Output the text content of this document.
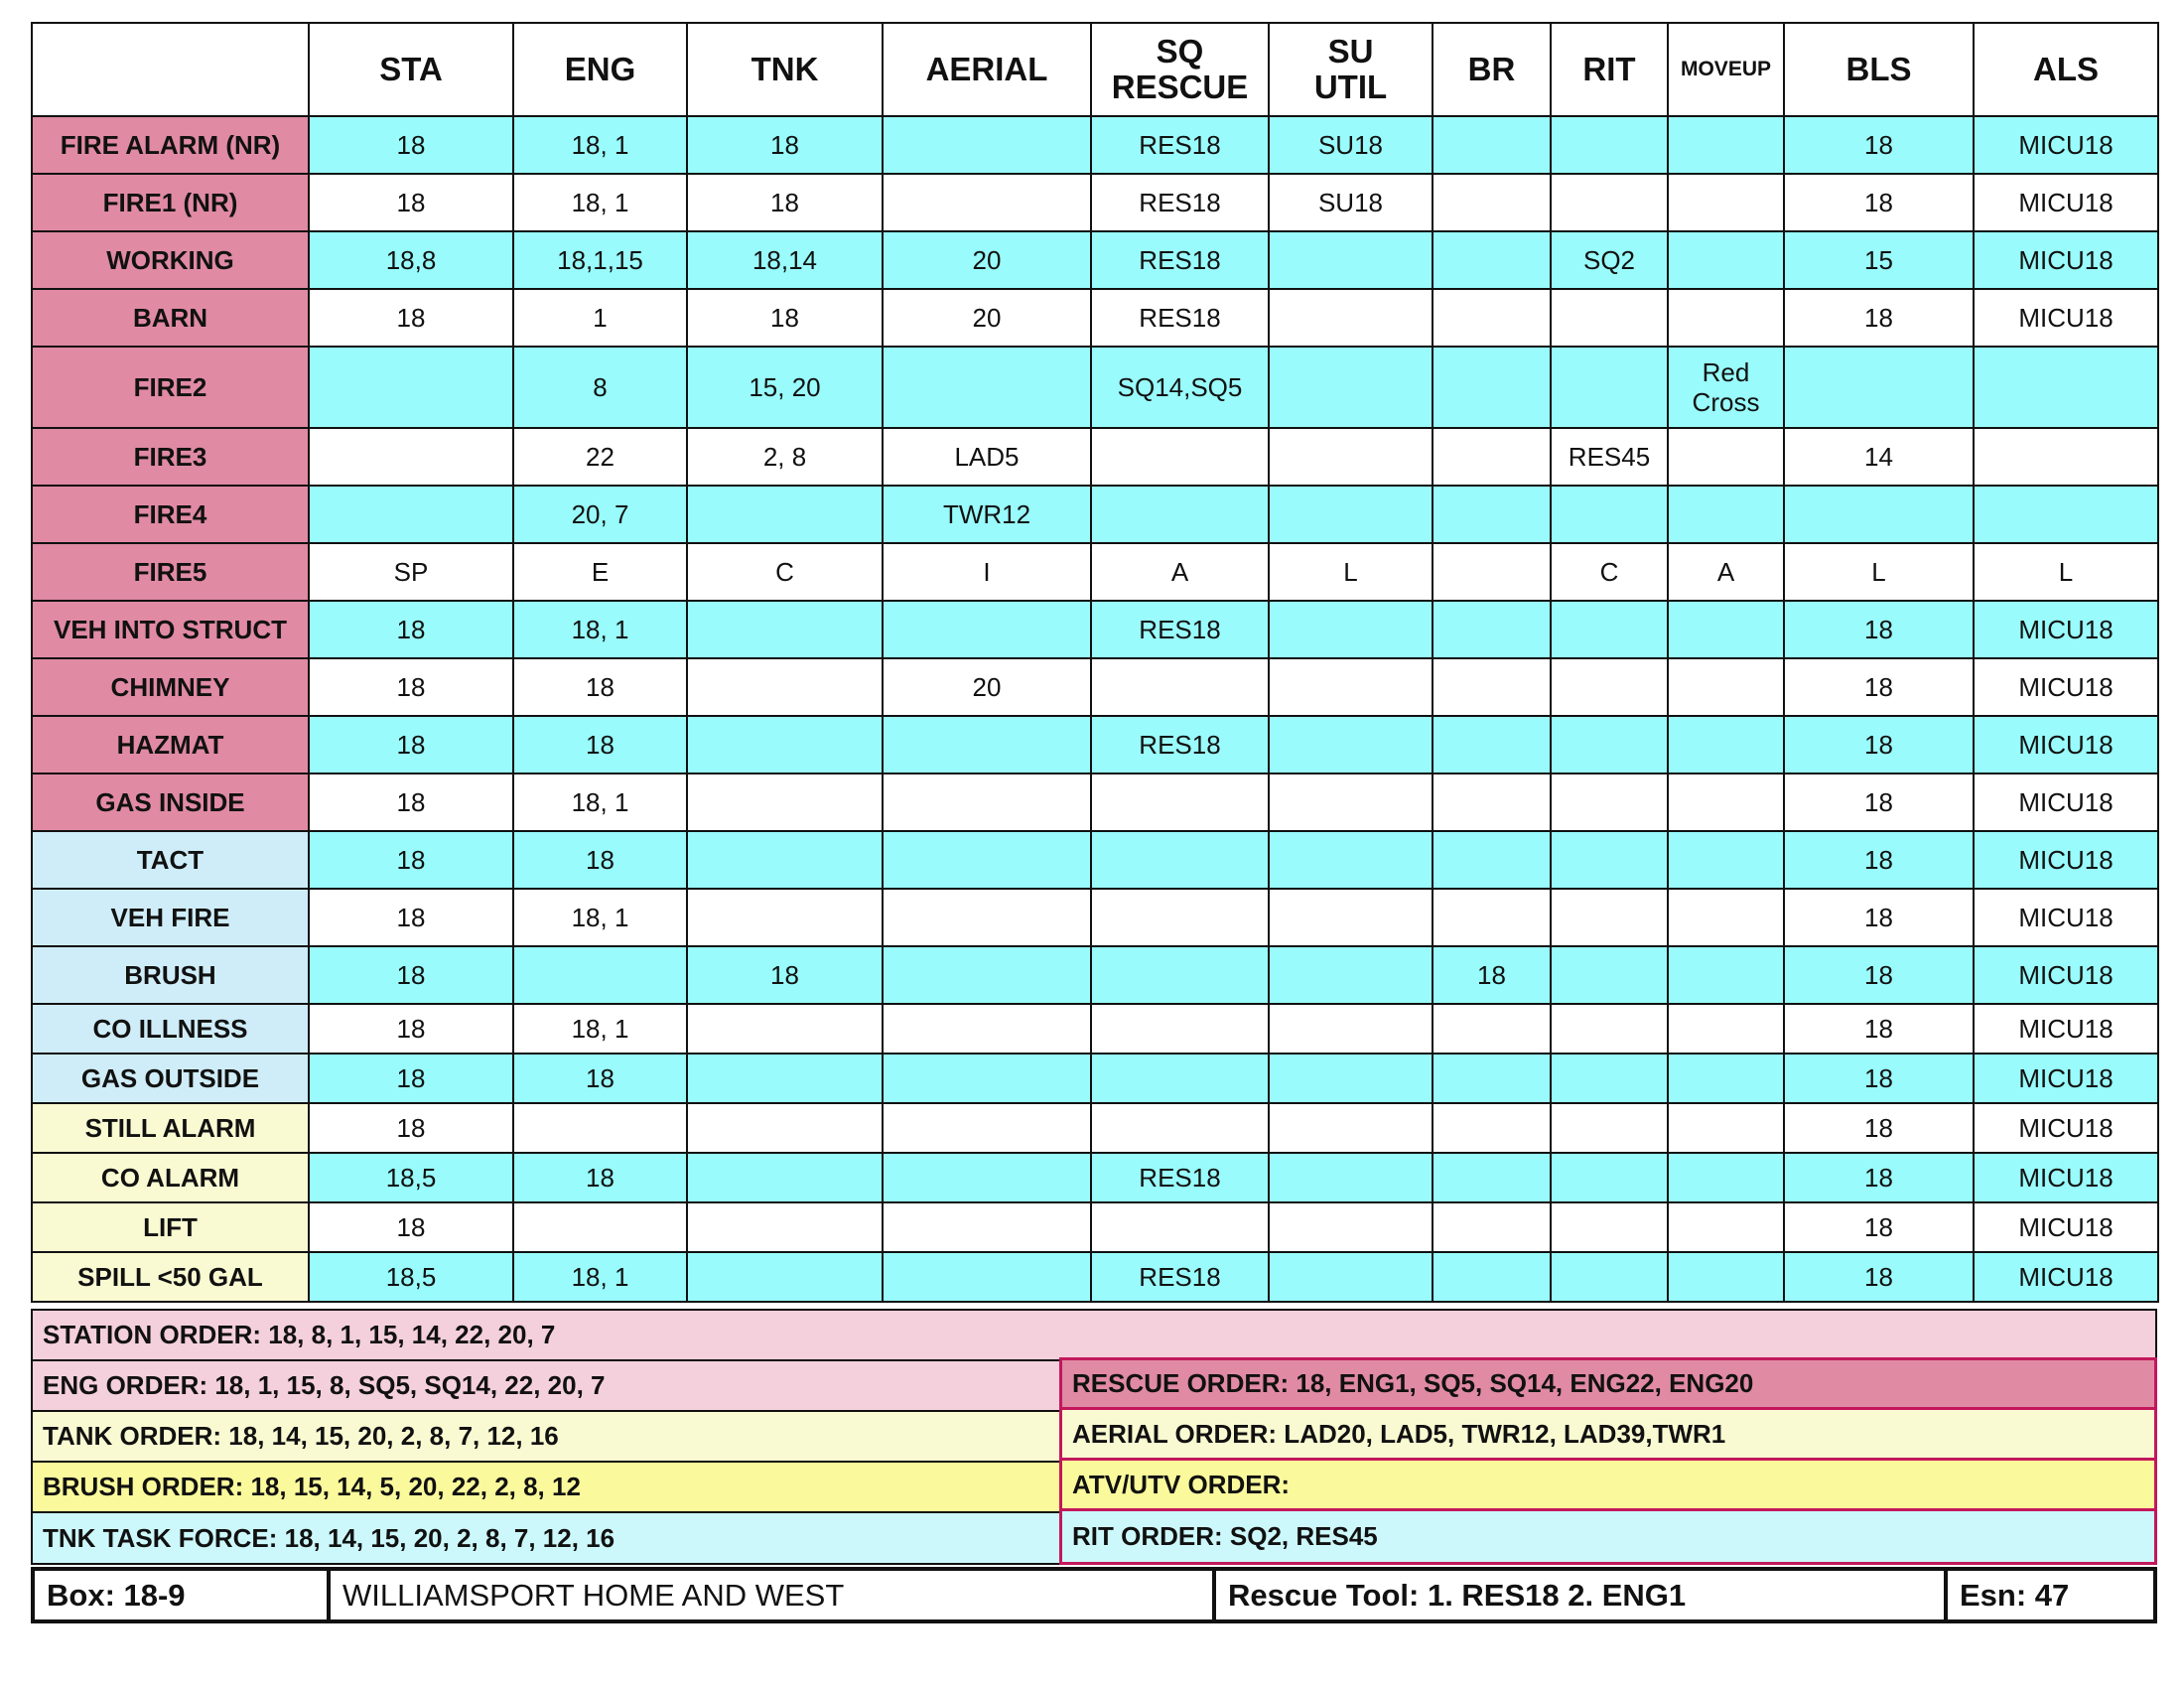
	STA	ENG	TNK	AERIAL	SQ RESCUE	SU UTIL	BR	RIT	MOVEUP	BLS	ALS
FIRE ALARM (NR)	18	18, 1	18		RES18	SU18				18	MICU18

FIRE1 (NR)	18	18, 1	18		RES18	SU18				18	MICU18

WORKING	18,8	18,1,15	18,14	20	RES18			SQ2		15	MICU18

BARN	18	1	18	20	RES18					18	MICU18

FIRE2		8	15, 20		SQ14,SQ5				Red Cross		

FIRE3		22	2, 8	LAD5				RES45		14	

FIRE4		20, 7		TWR12							

FIRE5	SP	E	C	I	A	L		C	A	L	L

VEH INTO STRUCT	18	18, 1			RES18					18	MICU18

CHIMNEY	18	18		20						18	MICU18

HAZMAT	18	18			RES18					18	MICU18

GAS INSIDE	18	18, 1								18	MICU18

TACT	18	18								18	MICU18

VEH FIRE	18	18, 1								18	MICU18

BRUSH	18		18				18			18	MICU18

CO ILLNESS	18	18, 1								18	MICU18

GAS OUTSIDE	18	18								18	MICU18

STILL ALARM	18									18	MICU18

CO ALARM	18,5	18			RES18					18	MICU18

LIFT	18									18	MICU18

SPILL <50 GAL	18,5	18, 1			RES18					18	MICU18
STATION ORDER: 18, 8, 1, 15, 14, 22, 20, 7
ENG ORDER: 18, 1, 15, 8, SQ5, SQ14, 22, 20, 7	RESCUE ORDER: 18, ENG1, SQ5, SQ14, ENG22, ENG20
TANK ORDER: 18, 14, 15, 20, 2, 8, 7, 12, 16	AERIAL ORDER: LAD20, LAD5, TWR12, LAD39,TWR1
BRUSH ORDER: 18, 15, 14, 5, 20, 22, 2, 8, 12	ATV/UTV ORDER:
TNK TASK FORCE: 18, 14, 15, 20, 2, 8, 7, 12, 16	RIT ORDER: SQ2, RES45
Box: 18-9	WILLIAMSPORT HOME AND WEST	Rescue Tool: 1. RES18 2. ENG1	Esn: 47
